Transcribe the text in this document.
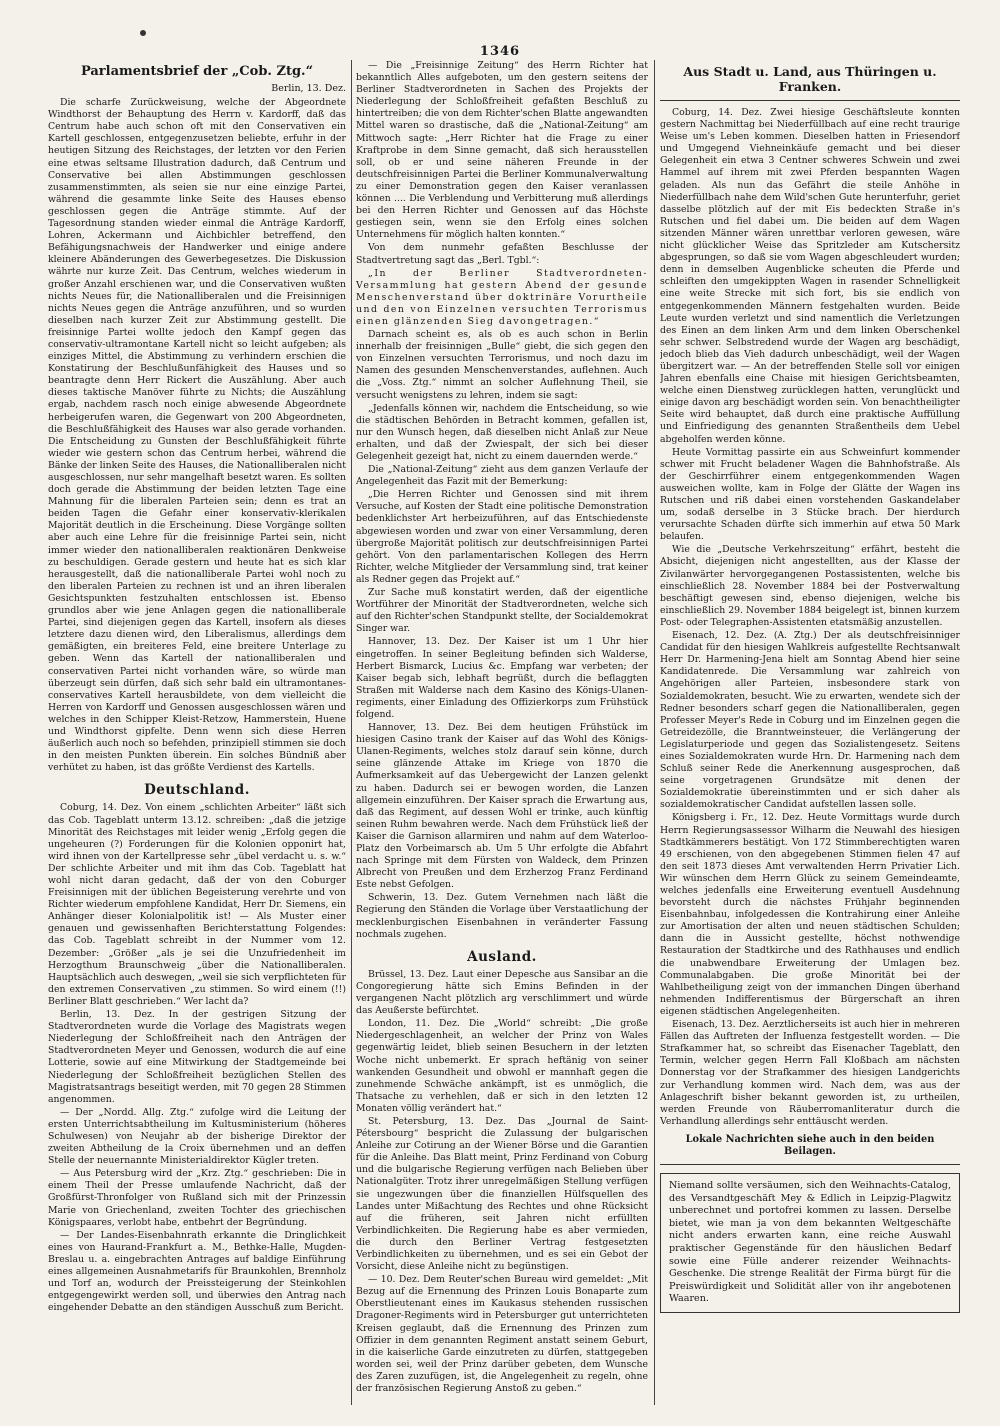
1346
Parlamentsbrief der „Cob. Ztg.“
Berlin, 13. Dez.

Die scharfe Zurückweisung, welche der Abgeordnete Windthorst der Behauptung des Herrn v. Kardorff, daß das Centrum habe auch schon oft mit den Conservativen ein Kartell geschlossen, entgegenzusetzen beliebte, erfuhr in der heutigen Sitzung des Reichstages, der letzten vor den Ferien eine etwas seltsame Illustration dadurch, daß Centrum und Conservative bei allen Abstimmungen geschlossen zusammenstimmten, als seien sie nur eine einzige Partei, während die gesammte linke Seite des Hauses ebenso geschlossen gegen die Anträge stimmte. Auf der Tagesordnung standen wieder einmal die Anträge Kardorff, Lohren, Ackermann und Aichbichler betreffend, den Befähigungsnachweis der Handwerker und einige andere kleinere Abänderungen des Gewerbegesetzes. Die Diskussion währte nur kurze Zeit. Das Centrum, welches wiederum in großer Anzahl erschienen war, und die Conservativen wußten nichts Neues für, die Nationalliberalen und die Freisinnigen nichts Neues gegen die Anträge anzuführen, und so wurden dieselben nach kurzer Zeit zur Abstimmung gestellt. Die freisinnige Partei wollte jedoch den Kampf gegen das conservativ-ultramontane Kartell nicht so leicht aufgeben; als einziges Mittel, die Abstimmung zu verhindern erschien die Konstatirung der Beschlußunfähigkeit des Hauses und so beantragte denn Herr Rickert die Auszählung. Aber auch dieses taktische Manöver führte zu Nichts; die Auszählung ergab, nachdem rasch noch einige abwesende Abgeordnete herbeigerufen waren, die Gegenwart von 200 Abgeordneten, die Beschlußfähigkeit des Hauses war also gerade vorhanden. Die Entscheidung zu Gunsten der Beschlußfähigkeit führte wieder wie gestern schon das Centrum herbei, während die Bänke der linken Seite des Hauses, die Nationalliberalen nicht ausgeschlossen, nur sehr mangelhaft besetzt waren. Es sollten doch gerade die Abstimmung der beiden letzten Tage eine Mahnung für die liberalen Parteien sein; denn es trat an beiden Tagen die Gefahr einer konservativ-klerikalen Majorität deutlich in die Erscheinung. Diese Vorgänge sollten aber auch eine Lehre für die freisinnige Partei sein, nicht immer wieder den nationalliberalen reaktionären Denkweise zu beschuldigen. Gerade gestern und heute hat es sich klar herausgestellt, daß die nationalliberale Partei wohl noch zu den liberalen Parteien zu rechnen ist und an ihren liberalen Gesichtspunkten festzuhalten entschlossen ist. Ebenso grundlos aber wie jene Anlagen gegen die nationalliberale Partei, sind diejenigen gegen das Kartell, insofern als dieses letztere dazu dienen wird, den Liberalismus, allerdings dem gemäßigten, ein breiteres Feld, eine breitere Unterlage zu geben. Wenn das Kartell der nationalliberalen und conservativen Partei nicht vorhanden wäre, so würde man überzeugt sein dürfen, daß sich sehr bald ein ultramontanes-conservatives Kartell herausbildete, von dem vielleicht die Herren von Kardorff und Genossen ausgeschlossen wären und welches in den Schipper Kleist-Retzow, Hammerstein, Huene und Windthorst gipfelte. Denn wenn sich diese Herren äußerlich auch noch so befehden, prinzipiell stimmen sie doch in den meisten Punkten überein. Ein solches Bündniß aber verhütet zu haben, ist das größte Verdienst des Kartells.

Deutschland.

Coburg, 14. Dez. Von einem „schlichten Arbeiter“ läßt sich das Cob. Tageblatt unterm 13.12. schreiben: „daß die jetzige Minorität des Reichstages mit leider wenig „Erfolg gegen die ungeheuren (?) Forderungen für die Kolonien opponirt hat, wird ihnen von der Kartellpresse sehr „übel verdacht u. s. w.“ Der schlichte Arbeiter und mit ihm das Cob. Tageblatt hat wohl nicht daran gedacht, daß der von den Coburger Freisinnigen mit der üblichen Begeisterung verehrte und von Richter wiederum empfohlene Kandidat, Herr Dr. Siemens, ein Anhänger dieser Kolonialpolitik ist! — Als Muster einer genauen und gewissenhaften Berichterstattung Folgendes: das Cob. Tageblatt schreibt in der Nummer vom 12. Dezember: „Größer „als je sei die Unzufriedenheit im Herzogthum Braunschweig „über die Nationalliberalen. Hauptsächlich auch deswegen, „weil sie sich verpflichteten für den extremen Conservativen „zu stimmen. So wird einem (!!) Berliner Blatt geschrieben.“ Wer lacht da?

Berlin, 13. Dez. In der gestrigen Sitzung der Stadtverordneten wurde die Vorlage des Magistrats wegen Niederlegung der Schloßfreiheit nach den Anträgen der Stadtverordneten Meyer und Genossen, wodurch die auf eine Lotterie, sowie auf eine Mitwirkung der Stadtgemeinde bei Niederlegung der Schloßfreiheit bezüglichen Stellen des Magistratsantrags beseitigt werden, mit 70 gegen 28 Stimmen angenommen.

— Der „Nordd. Allg. Ztg.“ zufolge wird die Leitung der ersten Unterrichtsabtheilung im Kultusministerium (höheres Schulwesen) von Neujahr ab der bisherige Direktor der zweiten Abtheilung de la Croix übernehmen und an deffen Stelle der neuernannte Ministerialdirektor Kügler treten.

— Aus Petersburg wird der „Krz. Ztg.“ geschrieben: Die in einem Theil der Presse umlaufende Nachricht, daß der Großfürst-Thronfolger von Rußland sich mit der Prinzessin Marie von Griechenland, zweiten Tochter des griechischen Königspaares, verlobt habe, entbehrt der Begründung.

— Der Landes-Eisenbahnrath erkannte die Dringlichkeit eines von Haurand-Frankfurt a. M., Bethke-Halle, Mugden-Breslau u. a. eingebrachten Antrages auf baldige Einführung eines allgemeinen Ausnahmetarifs für Braunkohlen, Brennholz und Torf an, wodurch der Preissteigerung der Steinkohlen entgegengewirkt werden soll, und überwies den Antrag nach eingehender Debatte an den ständigen Ausschuß zum Bericht.

— Die „Freisinnige Zeitung“ des Herrn Richter hat bekanntlich Alles aufgeboten, um den gestern seitens der Berliner Stadtverordneten in Sachen des Projekts der Niederlegung der Schloßfreiheit gefaßten Beschluß zu hintertreiben; die von dem Richter'schen Blatte angewandten Mittel waren so drastische, daß die „National-Zeitung“ am Mittwoch sagte: „Herr Richter hat die Frage zu einer Kraftprobe in dem Sinne gemacht, daß sich herausstellen soll, ob er und seine näheren Freunde in der deutschfreisinnigen Partei die Berliner Kommunalverwaltung zu einer Demonstration gegen den Kaiser veranlassen können .... Die Verblendung und Verbitterung muß allerdings bei den Herren Richter und Genossen auf das Höchste gestiegen sein, wenn sie den Erfolg eines solchen Unternehmens für möglich halten konnten.“

Von dem nunmehr gefaßten Beschlusse der Stadtvertretung sagt das „Berl. Tgbl.“:

„In der Berliner Stadtverordneten-Versammlung hat gestern Abend der gesunde Menschenverstand über doktrinäre Vorurtheile und den von Einzelnen versuchten Terrorismus einen glänzenden Sieg davongetragen.“

Darnach scheint es, als ob es auch schon in Berlin innerhalb der freisinnigen „Bulle“ giebt, die sich gegen den von Einzelnen versuchten Terrorismus, und noch dazu im Namen des gesunden Menschenverstandes, auflehnen. Auch die „Voss. Ztg.“ nimmt an solcher Auflehnung Theil, sie versucht wenigstens zu lehren, indem sie sagt:

„Jedenfalls können wir, nachdem die Entscheidung, so wie die städtischen Behörden in Betracht kommen, gefallen ist, nur den Wunsch hegen, daß dieselben nicht Anlaß zur Neue erhalten, und daß der Zwiespalt, der sich bei dieser Gelegenheit gezeigt hat, nicht zu einem dauernden werde.“

Die „National-Zeitung“ zieht aus dem ganzen Verlaufe der Angelegenheit das Fazit mit der Bemerkung:

„Die Herren Richter und Genossen sind mit ihrem Versuche, auf Kosten der Stadt eine politische Demonstration bedenklichster Art herbeizuführen, auf das Entschiedenste abgewiesen worden und zwar von einer Versammlung, deren übergroße Majorität politisch zur deutschfreisinnigen Partei gehört. Von den parlamentarischen Kollegen des Herrn Richter, welche Mitglieder der Versammlung sind, trat keiner als Redner gegen das Projekt auf.“

Zur Sache muß konstatirt werden, daß der eigentliche Wortführer der Minorität der Stadtverordneten, welche sich auf den Richter'schen Standpunkt stellte, der Socialdemokrat Singer war.

Hannover, 13. Dez. Der Kaiser ist um 1 Uhr hier eingetroffen. In seiner Begleitung befinden sich Walderse, Herbert Bismarck, Lucius &c. Empfang war verbeten; der Kaiser begab sich, lebhaft begrüßt, durch die beflaggten Straßen mit Walderse nach dem Kasino des Königs-Ulanen-regiments, einer Einladung des Offizierkorps zum Frühstück folgend.

Hannover, 13. Dez. Bei dem heutigen Frühstück im hiesigen Casino trank der Kaiser auf das Wohl des Königs-Ulanen-Regiments, welches stolz darauf sein könne, durch seine glänzende Attake im Kriege von 1870 die Aufmerksamkeit auf das Uebergewicht der Lanzen gelenkt zu haben. Dadurch sei er bewogen worden, die Lanzen allgemein einzuführen. Der Kaiser sprach die Erwartung aus, daß das Regiment, auf dessen Wohl er trinke, auch künftig seinen Ruhm bewahren werde. Nach dem Frühstück ließ der Kaiser die Garnison allarmiren und nahm auf dem Waterloo-Platz den Vorbeimarsch ab. Um 5 Uhr erfolgte die Abfahrt nach Springe mit dem Fürsten von Waldeck, dem Prinzen Albrecht von Preußen und dem Erzherzog Franz Ferdinand Este nebst Gefolgen.

Schwerin, 13. Dez. Gutem Vernehmen nach läßt die Regierung den Ständen die Vorlage über Verstaatlichung der mecklenburgischen Eisenbahnen in veränderter Fassung nochmals zugehen.

Ausland.

Brüssel, 13. Dez. Laut einer Depesche aus Sansibar an die Congoregierung hätte sich Emins Befinden in der vergangenen Nacht plötzlich arg verschlimmert und würde das Aeußerste befürchtet.

London, 11. Dez. Die „World“ schreibt: „Die große Niedergeschlagenheit, an welcher der Prinz von Wales gegenwärtig leidet, blieb seinen Besuchern in der letzten Woche nicht unbemerkt. Er sprach heftänig von seiner wankenden Gesundheit und obwohl er mannhaft gegen die zunehmende Schwäche ankämpft, ist es unmöglich, die Thatsache zu verhehlen, daß er sich in den letzten 12 Monaten völlig verändert hat.“

St. Petersburg, 13. Dez. Das „Journal de Saint-Pétersbourg“ bespricht die Zulassung der bulgarischen Anleihe zur Cotirung an der Wiener Börse und die Garantien für die Anleihe. Das Blatt meint, Prinz Ferdinand von Coburg und die bulgarische Regierung verfügen nach Belieben über Nationalgüter. Trotz ihrer unregelmäßigen Stellung verfügen sie ungezwungen über die finanziellen Hülfsquellen des Landes unter Mißachtung des Rechtes und ohne Rücksicht auf die früheren, seit Jahren nicht erfüllten Verbindlichkeiten. Die Regierung habe es aber vermieden, die durch den Berliner Vertrag festgesetzten Verbindlichkeiten zu übernehmen, und es sei ein Gebot der Vorsicht, diese Anleihe nicht zu begünstigen.

— 10. Dez. Dem Reuter'schen Bureau wird gemeldet: „Mit Bezug auf die Ernennung des Prinzen Louis Bonaparte zum Oberstlieutenant eines im Kaukasus stehenden russischen Dragoner-Regiments wird in Petersburger gut unterrichteten Kreisen geglaubt, daß die Ernennung des Prinzen zum Offizier in dem genannten Regiment anstatt seinem Geburt, in die kaiserliche Garde einzutreten zu dürfen, stattgegeben worden sei, weil der Prinz darüber gebeten, dem Wunsche des Zaren zuzufügen, ist, die Angelegenheit zu regeln, ohne der französischen Regierung Anstoß zu geben.“

Aus Stadt u. Land, aus Thüringen u. Franken.

Coburg, 14. Dez. Zwei hiesige Geschäftsleute konnten gestern Nachmittag bei Niederfüllbach auf eine recht traurige Weise um's Leben kommen. Dieselben hatten in Friesendorf und Umgegend Viehneinkäufe gemacht und bei dieser Gelegenheit ein etwa 3 Centner schweres Schwein und zwei Hammel auf ihrem mit zwei Pferden bespannten Wagen geladen. Als nun das Gefährt die steile Anhöhe in Niederfüllbach nahe dem Wild'schen Gute herunterfuhr, geriet dasselbe plötzlich auf der mit Eis bedeckten Straße in's Rutschen und fiel dabei um. Die beiden auf dem Wagen sitzenden Männer wären unrettbar verloren gewesen, wäre nicht glücklicher Weise das Spritzleder am Kutschersitz abgesprungen, so daß sie vom Wagen abgeschleudert wurden; denn in demselben Augenblicke scheuten die Pferde und schleiften den umgekippten Wagen in rasender Schnelligkeit eine weite Strecke mit sich fort, bis sie endlich von entgegenkommenden Männern festgehalten wurden. Beide Leute wurden verletzt und sind namentlich die Verletzungen des Einen an dem linken Arm und dem linken Oberschenkel sehr schwer. Selbstredend wurde der Wagen arg beschädigt, jedoch blieb das Vieh dadurch unbeschädigt, weil der Wagen übergitzert war. — An der betreffenden Stelle soll vor einigen Jahren ebenfalls eine Chaise mit hiesigen Gerichtsbeamten, welche einen Dienstweg zurücklegen hatten, verunglückt und einige davon arg beschädigt worden sein. Von benachtheiligter Seite wird behauptet, daß durch eine praktische Auffüllung und Einfriedigung des genannten Straßentheils dem Uebel abgeholfen werden könne.

Heute Vormittag passirte ein aus Schweinfurt kommender schwer mit Frucht beladener Wagen die Bahnhofstraße. Als der Geschirrführer einem entgegenkommenden Wagen ausweichen wollte, kam in Folge der Glätte der Wagen ins Rutschen und riß dabei einen vorstehenden Gaskandelaber um, sodaß derselbe in 3 Stücke brach. Der hierdurch verursachte Schaden dürfte sich immerhin auf etwa 50 Mark belaufen.

Wie die „Deutsche Verkehrszeitung“ erfährt, besteht die Absicht, diejenigen nicht angestellten, aus der Klasse der Zivilanwärter hervorgegangenen Postassistenten, welche bis einschließlich 28. November 1884 bei der Postverwaltung beschäftigt gewesen sind, ebenso diejenigen, welche bis einschließlich 29. November 1884 beigelegt ist, binnen kurzem Post- oder Telegraphen-Assistenten etatsmäßig anzustellen.

Eisenach, 12. Dez. (A. Ztg.) Der als deutschfreisinniger Candidat für den hiesigen Wahlkreis aufgestellte Rechtsanwalt Herr Dr. Harmening-Jena hielt am Sonntag Abend hier seine Kandidatenrede. Die Versammlung war zahlreich von Angehörigen aller Parteien, insbesondere stark von Sozialdemokraten, besucht. Wie zu erwarten, wendete sich der Redner besonders scharf gegen die Nationalliberalen, gegen Professer Meyer's Rede in Coburg und im Einzelnen gegen die Getreidezölle, die Branntweinsteuer, die Verlängerung der Legislaturperiode und gegen das Sozialistengesetz. Seitens eines Sozialdemokraten wurde Hrn. Dr. Harmening nach dem Schluß seiner Rede die Anerkennung ausgesprochen, daß seine vorgetragenen Grundsätze mit denen der Sozialdemokratie übereinstimmten und er sich daher als sozialdemokratischer Candidat aufstellen lassen solle.

Königsberg i. Fr., 12. Dez. Heute Vormittags wurde durch Herrn Regierungsassessor Wilharm die Neuwahl des hiesigen Stadtkämmerers bestätigt. Von 172 Stimmberechtigten waren 49 erschienen, von den abgegebenen Stimmen fielen 47 auf den seit 1873 dieses Amt verwaltenden Herrn Privatier Lich. Wir wünschen dem Herrn Glück zu seinem Gemeindeamte, welches jedenfalls eine Erweiterung eventuell Ausdehnung bevorsteht durch die nächstes Frühjahr beginnenden Eisenbahnbau, infolgedessen die Kontrahirung einer Anleihe zur Amortisation der alten und neuen städtischen Schulden; dann die in Aussicht gestellte, höchst nothwendige Restauration der Stadtkirche und des Rathhauses und endlich die unabwendbare Erweiterung der Umlagen bez. Communalabgaben. Die große Minorität bei der Wahlbetheiligung zeigt von der immanchen Dingen überhand nehmenden Indifferentismus der Bürgerschaft an ihren eigenen städtischen Angelegenheiten.

Eisenach, 13. Dez. Aerztlicherseits ist auch hier in mehreren Fällen das Auftreten der Influenza festgestellt worden. — Die Strafkammer hat, so schreibt das Eisenacher Tageblatt, den Termin, welcher gegen Herrn Fall Kloßbach am nächsten Donnerstag vor der Strafkammer des hiesigen Landgerichts zur Verhandlung kommen wird. Nach dem, was aus der Anlageschrift bisher bekannt geworden ist, zu urtheilen, werden Freunde von Räuberromanliteratur durch die Verhandlung allerdings sehr enttäuscht werden.

Lokale Nachrichten siehe auch in den beiden Beilagen.
Niemand sollte versäumen, sich den Weihnachts-Catalog, des Versandtgeschäft Mey & Edlich in Leipzig-Plagwitz unberechnet und portofrei kommen zu lassen. Derselbe bietet, wie man ja von dem bekannten Weltgeschäfte nicht anders erwarten kann, eine reiche Auswahl praktischer Gegenstände für den häuslichen Bedarf sowie eine Fülle anderer reizender Weihnachts-Geschenke. Die strenge Realität der Firma bürgt für die Preiswürdigkeit und Solidität aller von ihr angebotenen Waaren.
